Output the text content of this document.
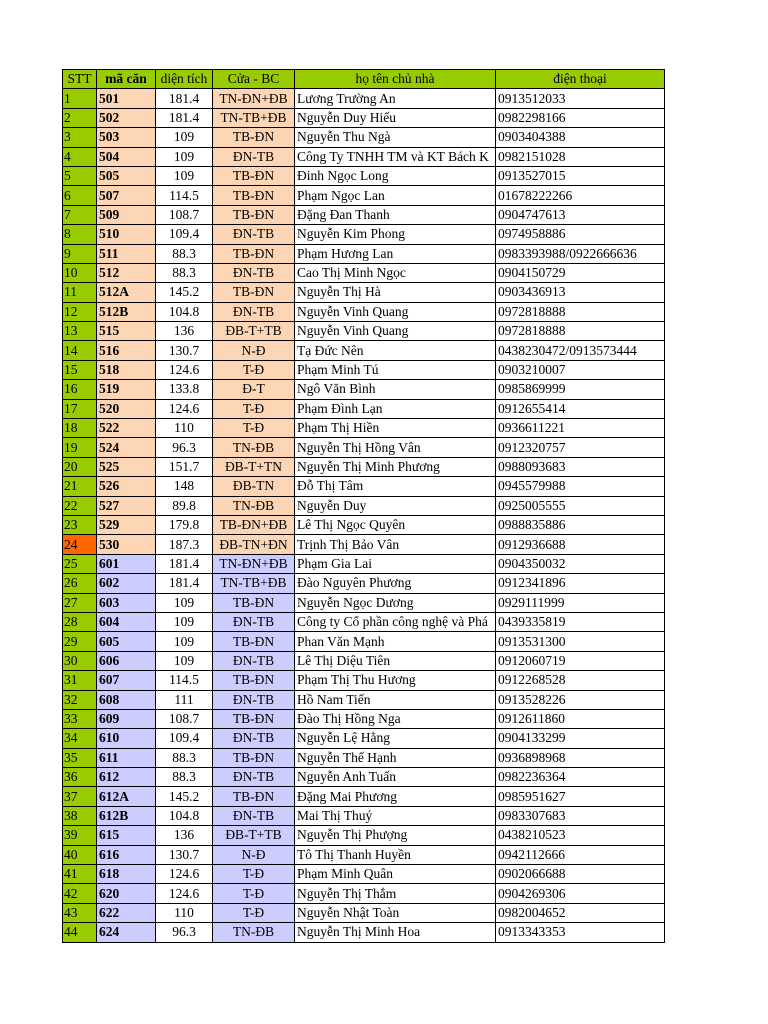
STT	mã căn	diện tích	Cửa - BC	họ tên chủ nhà	điện thoại
1	501	181.4	TN-ĐN+ĐB	Lương Trường An	0913512033
2	502	181.4	TN-TB+ĐB	Nguyễn Duy Hiếu	0982298166
3	503	109	TB-ĐN	Nguyễn Thu Ngà	0903404388
4	504	109	ĐN-TB	Công Ty TNHH TM và KT Bách K	0982151028
5	505	109	TB-ĐN	Đinh Ngọc Long	0913527015
6	507	114.5	TB-ĐN	Phạm Ngọc Lan	01678222266
7	509	108.7	TB-ĐN	Đặng Đan Thanh	0904747613
8	510	109.4	ĐN-TB	Nguyễn Kim Phong	0974958886
9	511	88.3	TB-ĐN	Phạm Hương Lan	0983393988/0922666636
10	512	88.3	ĐN-TB	Cao Thị Minh Ngọc	0904150729
11	512A	145.2	TB-ĐN	Nguyễn Thị Hà	0903436913
12	512B	104.8	ĐN-TB	Nguyễn Vinh Quang	0972818888
13	515	136	ĐB-T+TB	Nguyễn Vinh Quang	0972818888
14	516	130.7	N-Đ	Tạ Đức Nên	0438230472/0913573444
15	518	124.6	T-Đ	Phạm Minh Tú	0903210007
16	519	133.8	Đ-T	Ngô Văn Bình	0985869999
17	520	124.6	T-Đ	Phạm Đình Lạn	0912655414
18	522	110	T-Đ	Phạm Thị Hiền	0936611221
19	524	96.3	TN-ĐB	Nguyễn Thị Hồng Vân	0912320757
20	525	151.7	ĐB-T+TN	Nguyễn Thị Minh Phương	0988093683
21	526	148	ĐB-TN	Đỗ Thị Tâm	0945579988
22	527	89.8	TN-ĐB	Nguyễn Duy	0925005555
23	529	179.8	TB-ĐN+ĐB	Lê Thị Ngọc Quyên	0988835886
24	530	187.3	ĐB-TN+ĐN	Trịnh Thị Bảo Vân	0912936688
25	601	181.4	TN-ĐN+ĐB	Phạm Gia Lai	0904350032
26	602	181.4	TN-TB+ĐB	Đào Nguyên Phương	0912341896
27	603	109	TB-ĐN	Nguyễn Ngọc Dương	0929111999
28	604	109	ĐN-TB	Công ty Cổ phần công nghệ và Phá	0439335819
29	605	109	TB-ĐN	Phan Văn Mạnh	0913531300
30	606	109	ĐN-TB	Lê Thị Diệu Tiên	0912060719
31	607	114.5	TB-ĐN	Phạm Thị Thu Hương	0912268528
32	608	111	ĐN-TB	Hồ Nam Tiến	0913528226
33	609	108.7	TB-ĐN	Đào Thị Hồng Nga	0912611860
34	610	109.4	ĐN-TB	Nguyễn Lệ Hằng	0904133299
35	611	88.3	TB-ĐN	Nguyễn Thế Hạnh	0936898968
36	612	88.3	ĐN-TB	Nguyễn Anh Tuấn	0982236364
37	612A	145.2	TB-ĐN	Đặng Mai Phương	0985951627
38	612B	104.8	ĐN-TB	Mai Thị Thuý	0983307683
39	615	136	ĐB-T+TB	Nguyễn Thị Phượng	0438210523
40	616	130.7	N-Đ	Tô Thị Thanh Huyền	0942112666
41	618	124.6	T-Đ	Phạm Minh Quân	0902066688
42	620	124.6	T-Đ	Nguyễn Thị Thắm	0904269306
43	622	110	T-Đ	Nguyễn Nhật Toàn	0982004652
44	624	96.3	TN-ĐB	Nguyễn Thị Minh Hoa	0913343353
